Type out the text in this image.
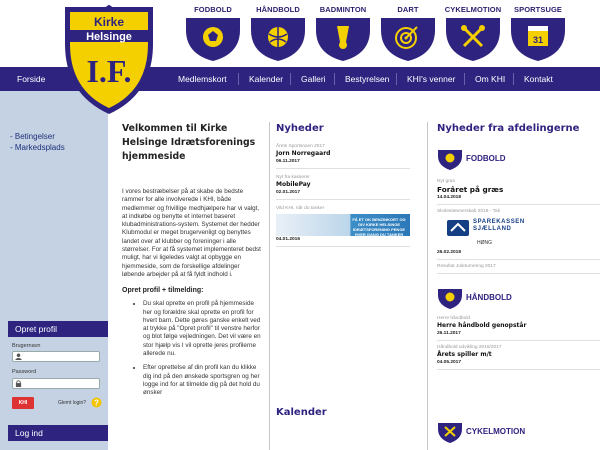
FODBOLD	HÅNDBOLD	BADMINTON	DART	CYKELMOTION	SPORTSUGE
31
Forside	Medlemskort	Kalender Galleri Bestyrelsen KHI's venner Om KHI Kontakt
Kirke
Helsinge
I.F.
- Betingelser
- Markedsplads
Opret profil
Brugernavn
Password
KHI	Glemt login? ?
Log ind
Velkommen til Kirke Helsinge Idrætsforenings hjemmeside

I vores bestræbelser på at skabe de bedste rammer for alle involverede i KHI, både medlemmer og frivillige medhjælpere har vi valgt, at indkøbe og benytte et internet baseret klubadministrations-system. Systemet der hedder Klubmodul er meget brugervenligt og benyttes landet over af klubber og foreninger i alle størrelser. For at få systemet implementeret bedst muligt, har vi ligeledes valgt at opbygge en hjemmeside, som de forskellige afdelinger løbende arbejder på at få fyldt indhold i.

Opret profil + tilmelding:

• Du skal oprette en profil på hjemmeside her og forældre skal oprette en profil for hvert barn. Dette gøres ganske enkelt ved at trykke på "Opret profil" til venstre herfor og blot følge vejledningen. Det vil være en stor hjælp vis I vil oprette jeres profilerne allerede nu.
• Efter oprettelse af din profil kan du klikke dig ind på den ønskede sportsgren og her logge ind for at tilmelde dig på det hold du ønsker
Nyheder
Årets Sportsnavn 2017
Jorn Norregaard
06.11.2017
Nyt fra kasserer
MobilePay
02.01.2017
Vild KHI, når du tanker
FÅ ET OK BENZINKORT OG GIV KIRKE HELSINGE IDRÆTSFORENING PENGE HVER GANG DU TANKER
04.01.2016
Kalender
Nyheder fra afdelingerne
FODBOLD
Nyt gras
Forâret på græs
14.04.2018
Skolestævnerskab 2018 - Tak
SPAREKASSEN
SJÆLLAND
HØNG
26.02.2018
Resultat Juleturnering 2017
HÅNDBOLD
Herre håndbold
Herre håndbold genopstår
26.11.2017
Håndbold udvikling 2016/2017
Årets spiller m/t
04.05.2017
CYKELMOTION
